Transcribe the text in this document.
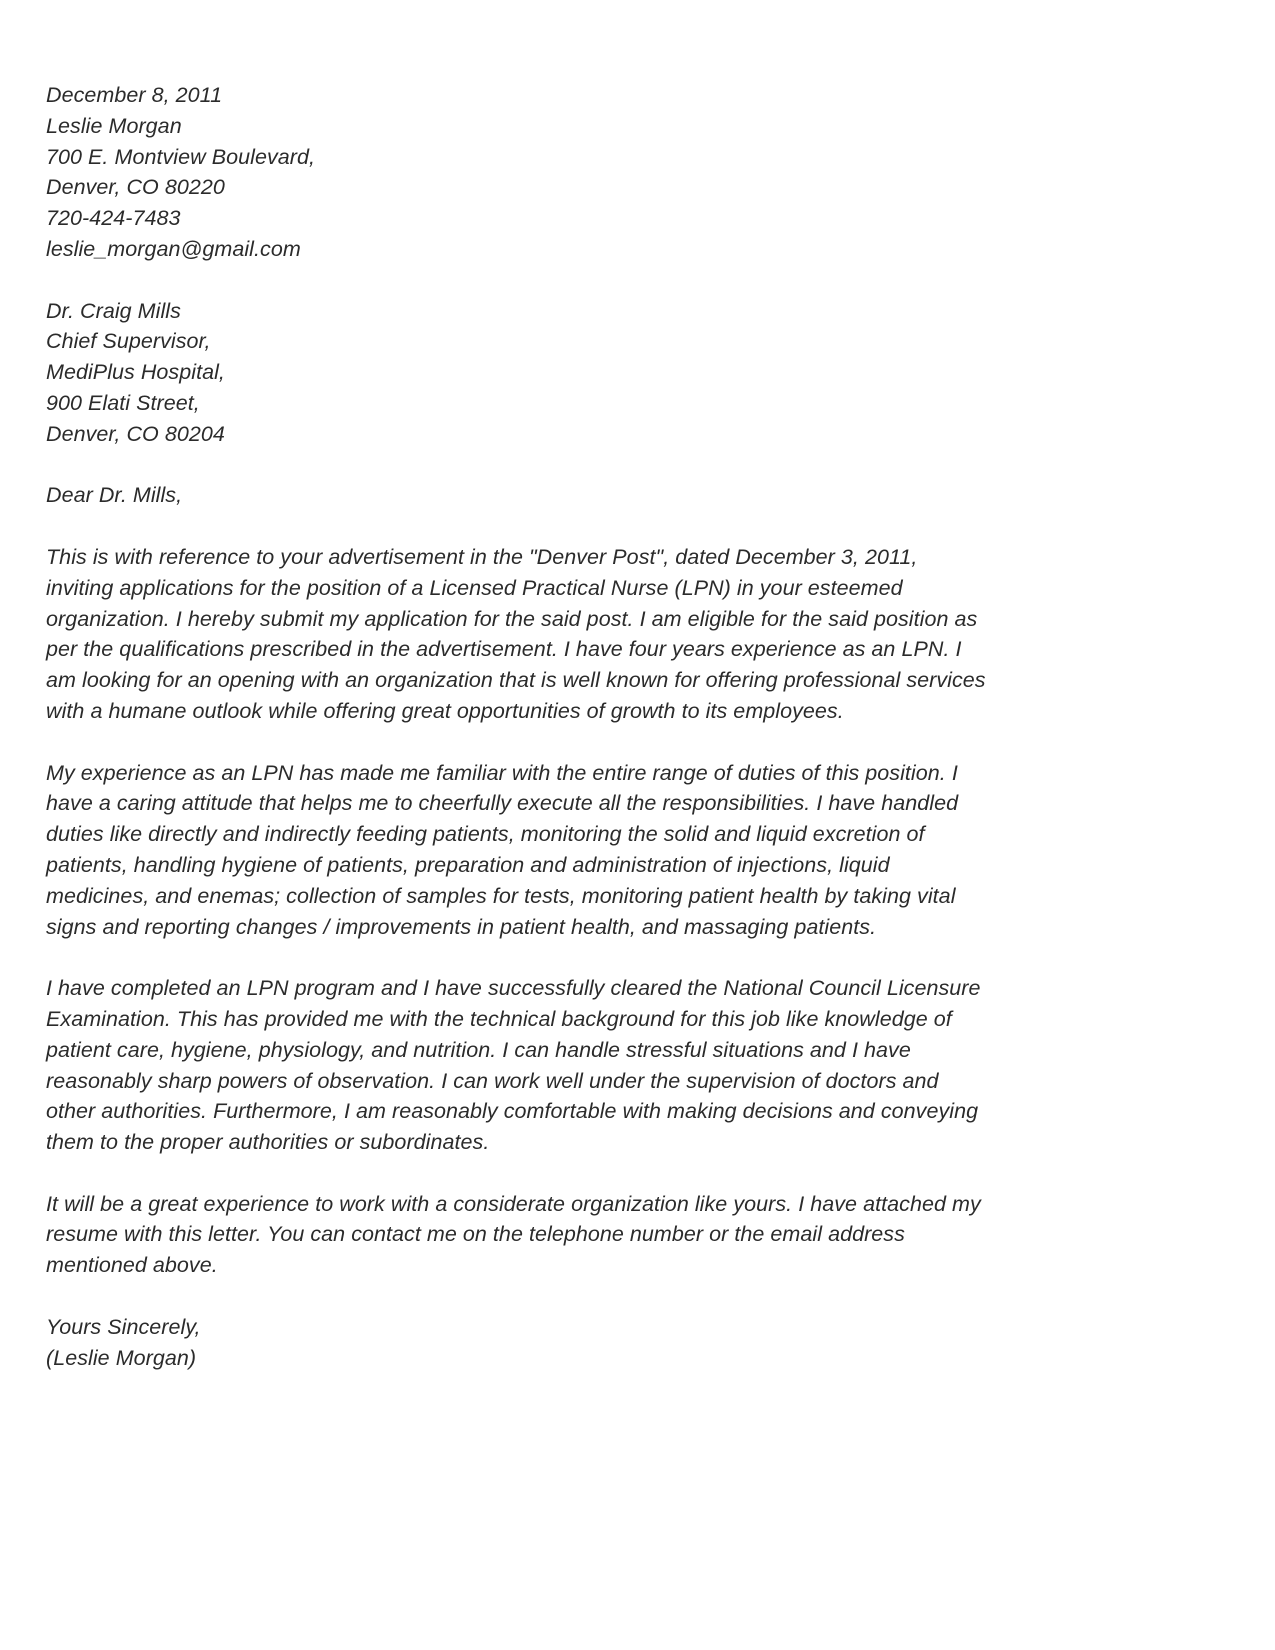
December 8, 2011
Leslie Morgan
700 E. Montview Boulevard,
Denver, CO 80220
720-424-7483
leslie_morgan@gmail.com
Dr. Craig Mills
Chief Supervisor,
MediPlus Hospital,
900 Elati Street,
Denver, CO 80204
Dear Dr. Mills,
This is with reference to your advertisement in the "Denver Post", dated December 3, 2011,
inviting applications for the position of a Licensed Practical Nurse (LPN) in your esteemed
organization. I hereby submit my application for the said post. I am eligible for the said position as
per the qualifications prescribed in the advertisement. I have four years experience as an LPN. I
am looking for an opening with an organization that is well known for offering professional services
with a humane outlook while offering great opportunities of growth to its employees.
My experience as an LPN has made me familiar with the entire range of duties of this position. I
have a caring attitude that helps me to cheerfully execute all the responsibilities. I have handled
duties like directly and indirectly feeding patients, monitoring the solid and liquid excretion of
patients, handling hygiene of patients, preparation and administration of injections, liquid
medicines, and enemas; collection of samples for tests, monitoring patient health by taking vital
signs and reporting changes / improvements in patient health, and massaging patients.
I have completed an LPN program and I have successfully cleared the National Council Licensure
Examination. This has provided me with the technical background for this job like knowledge of
patient care, hygiene, physiology, and nutrition. I can handle stressful situations and I have
reasonably sharp powers of observation. I can work well under the supervision of doctors and
other authorities. Furthermore, I am reasonably comfortable with making decisions and conveying
them to the proper authorities or subordinates.
It will be a great experience to work with a considerate organization like yours. I have attached my
resume with this letter. You can contact me on the telephone number or the email address
mentioned above.
Yours Sincerely,
(Leslie Morgan)
